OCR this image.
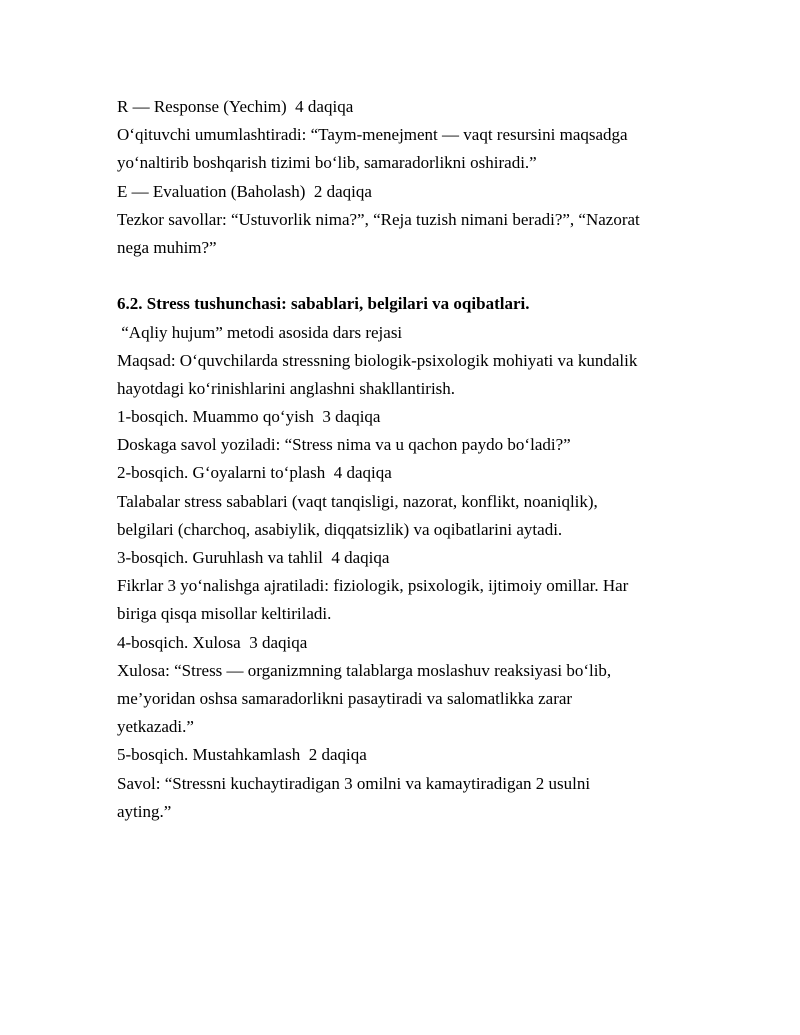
R — Response (Yechim)  4 daqiqa

O‘qituvchi umumlashtiradi: “Taym-menejment — vaqt resursini maqsadga

yo‘naltirib boshqarish tizimi bo‘lib, samaradorlikni oshiradi.”

E — Evaluation (Baholash)  2 daqiqa

Tezkor savollar: “Ustuvorlik nima?”, “Reja tuzish nimani beradi?”, “Nazorat

nega muhim?”

6.2. Stress tushunchasi: sabablari, belgilari va oqibatlari.

“Aqliy hujum” metodi asosida dars rejasi

Maqsad: O‘quvchilarda stressning biologik-psixologik mohiyati va kundalik

hayotdagi ko‘rinishlarini anglashni shakllantirish.

1-bosqich. Muammo qo‘yish  3 daqiqa

Doskaga savol yoziladi: “Stress nima va u qachon paydo bo‘ladi?”

2-bosqich. G‘oyalarni to‘plash  4 daqiqa

Talabalar stress sabablari (vaqt tanqisligi, nazorat, konflikt, noaniqlik),

belgilari (charchoq, asabiylik, diqqatsizlik) va oqibatlarini aytadi.

3-bosqich. Guruhlash va tahlil  4 daqiqa

Fikrlar 3 yo‘nalishga ajratiladi: fiziologik, psixologik, ijtimoiy omillar. Har

biriga qisqa misollar keltiriladi.

4-bosqich. Xulosa  3 daqiqa

Xulosa: “Stress — organizmning talablarga moslashuv reaksiyasi bo‘lib,

me’yoridan oshsa samaradorlikni pasaytiradi va salomatlikka zarar

yetkazadi.”

5-bosqich. Mustahkamlash  2 daqiqa

Savol: “Stressni kuchaytiradigan 3 omilni va kamaytiradigan 2 usulni

ayting.”
